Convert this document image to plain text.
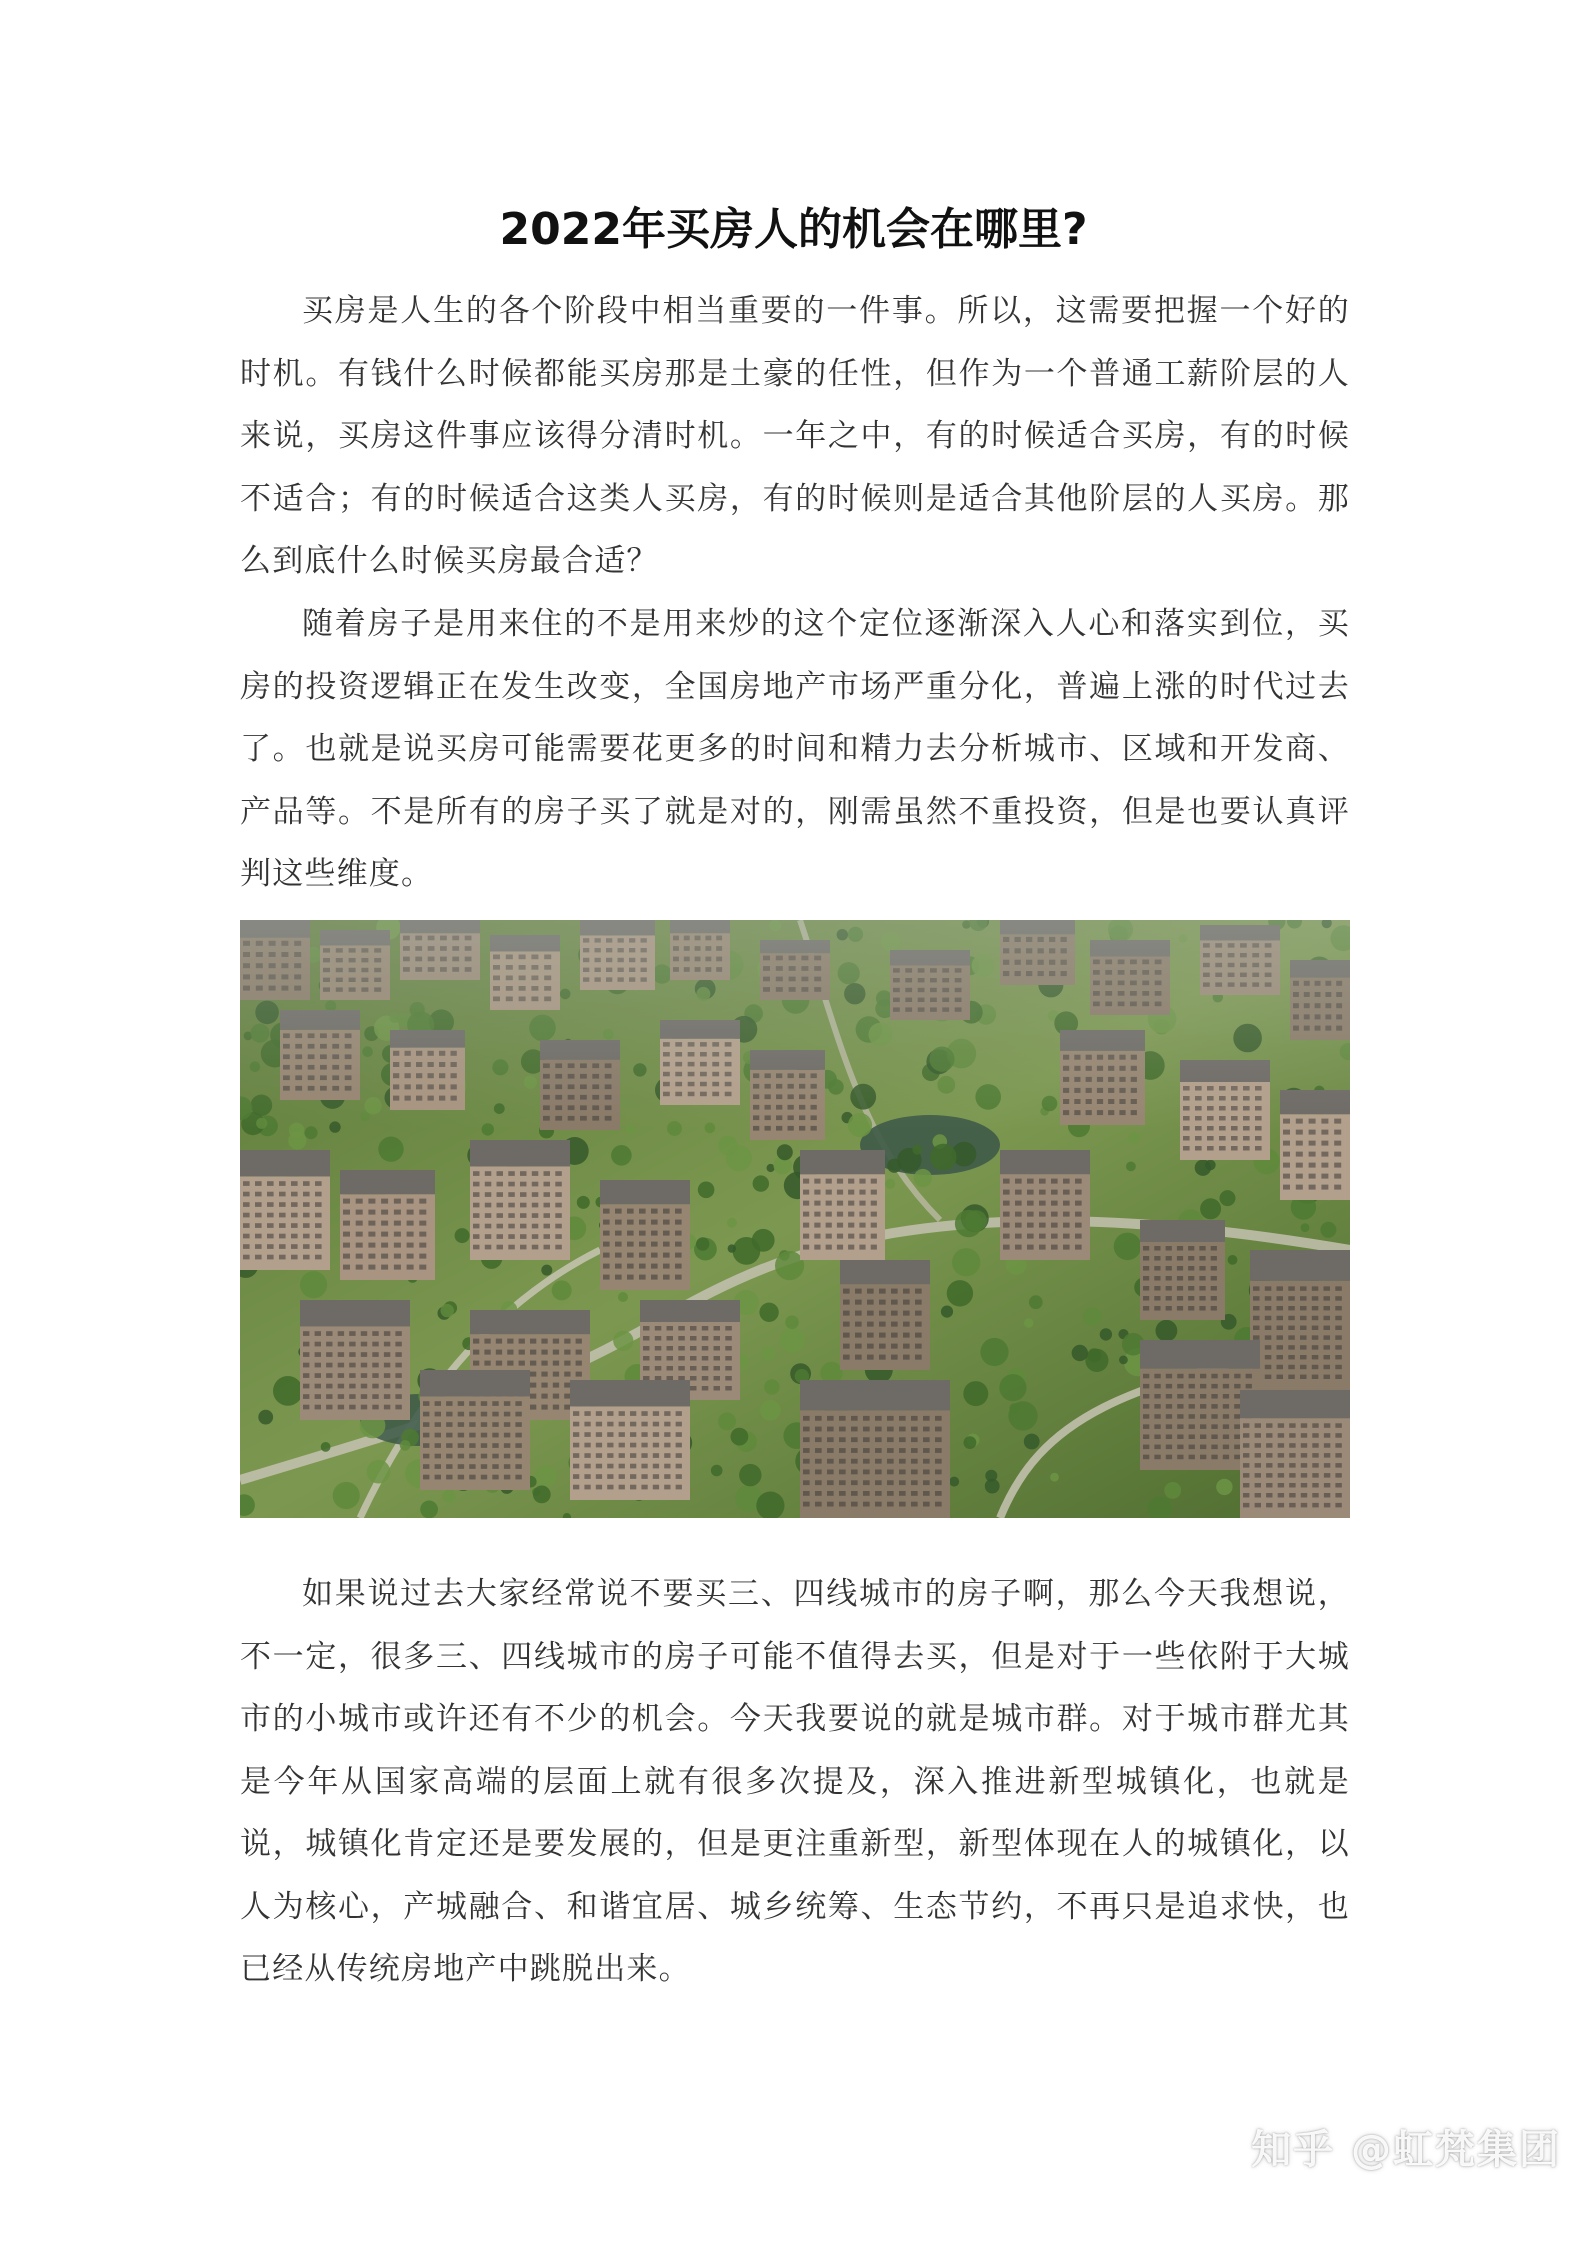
2022年买房人的机会在哪里?

买房是人生的各个阶段中相当重要的一件事。所以，这需要把握一个好的时机。有钱什么时候都能买房那是土豪的任性，但作为一个普通工薪阶层的人来说，买房这件事应该得分清时机。一年之中，有的时候适合买房，有的时候不适合；有的时候适合这类人买房，有的时候则是适合其他阶层的人买房。那么到底什么时候买房最合适？

随着房子是用来住的不是用来炒的这个定位逐渐深入人心和落实到位，买房的投资逻辑正在发生改变，全国房地产市场严重分化，普遍上涨的时代过去了。也就是说买房可能需要花更多的时间和精力去分析城市、区域和开发商、产品等。不是所有的房子买了就是对的，刚需虽然不重投资，但是也要认真评判这些维度。

如果说过去大家经常说不要买三、四线城市的房子啊，那么今天我想说，不一定，很多三、四线城市的房子可能不值得去买，但是对于一些依附于大城市的小城市或许还有不少的机会。今天我要说的就是城市群。对于城市群尤其是今年从国家高端的层面上就有很多次提及，深入推进新型城镇化，也就是说，城镇化肯定还是要发展的，但是更注重新型，新型体现在人的城镇化，以人为核心，产城融合、和谐宜居、城乡统筹、生态节约，不再只是追求快，也已经从传统房地产中跳脱出来。

知乎 @虹梵集团
